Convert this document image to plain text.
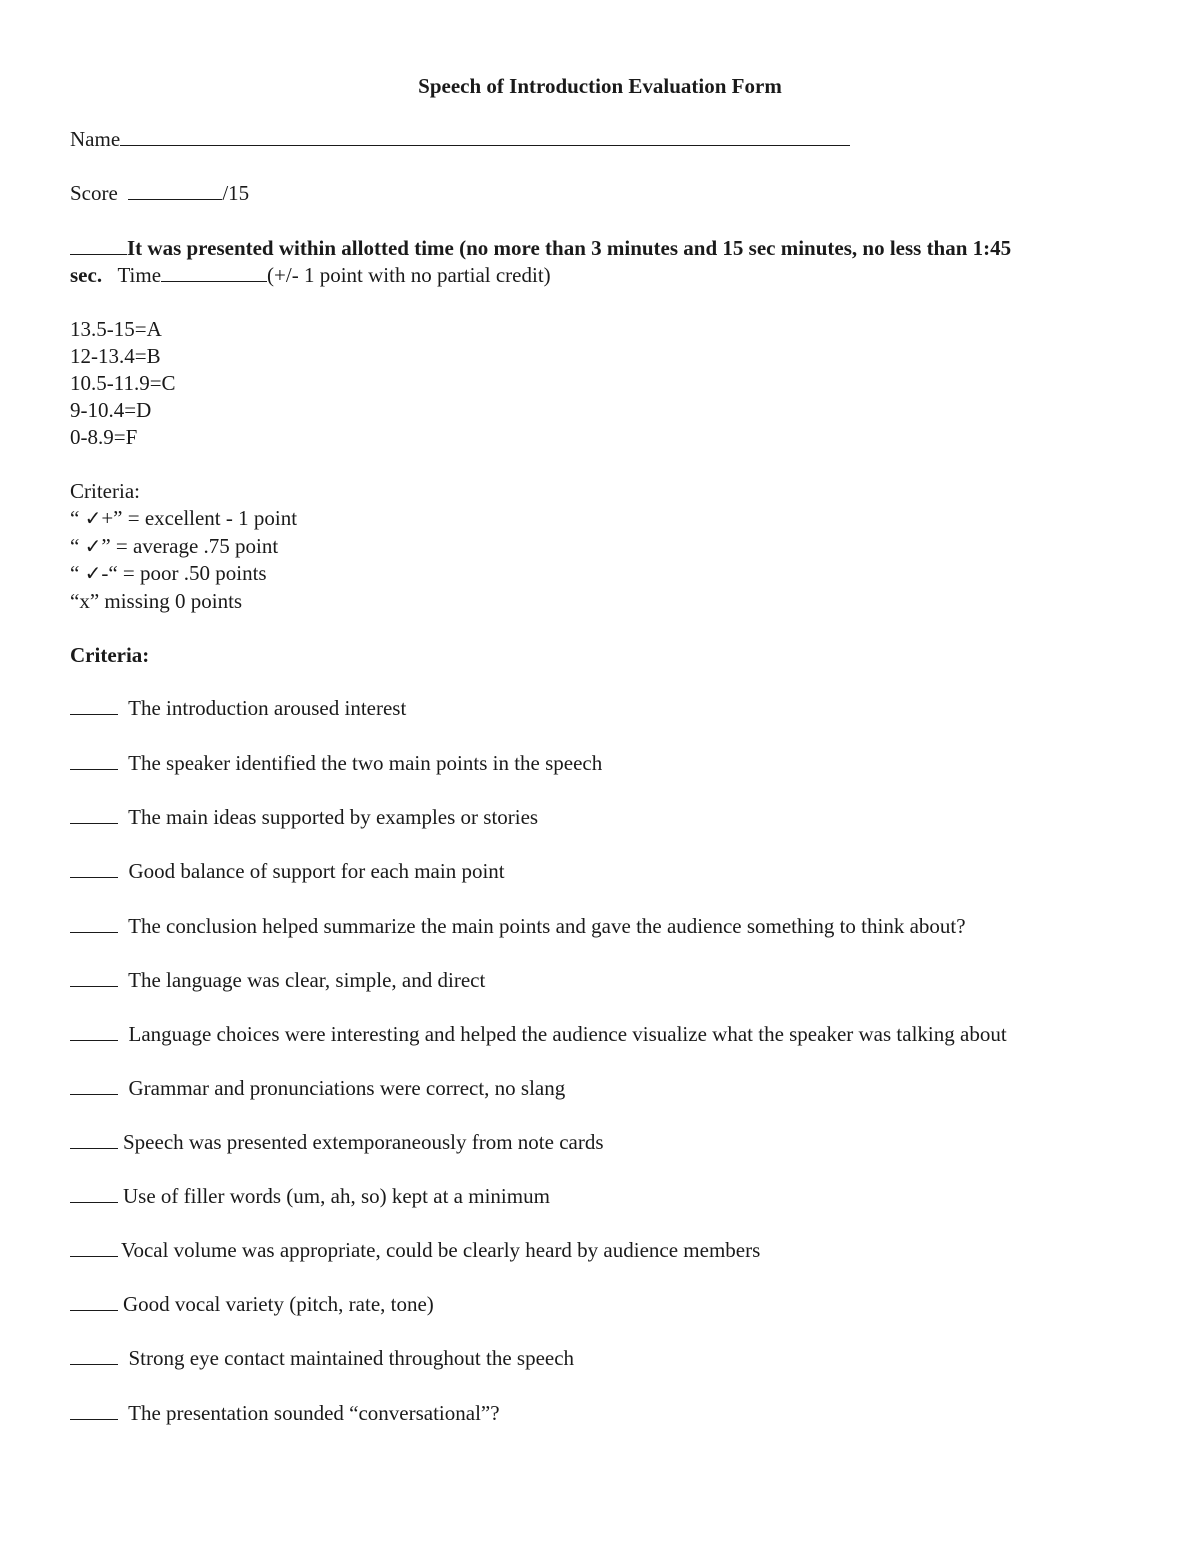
Speech of Introduction Evaluation Form
Name
Score	/15
It was presented within allotted time (no more than 3 minutes and 15 sec minutes, no less than 1:45
sec. Time	(+/- 1 point with no partial credit)
13.5-15=A
12-13.4=B
10.5-11.9=C
9-10.4=D
0-8.9=F
Criteria:
“ ✓+” = excellent - 1 point
“ ✓” = average .75 point
“ ✓-“ = poor .50 points
“x” missing 0 points
Criteria:
The introduction aroused interest
The speaker identified the two main points in the speech
The main ideas supported by examples or stories
Good balance of support for each main point
The conclusion helped summarize the main points and gave the audience something to think about?
The language was clear, simple, and direct
Language choices were interesting and helped the audience visualize what the speaker was talking about
Grammar and pronunciations were correct, no slang
Speech was presented extemporaneously from note cards
Use of filler words (um, ah, so) kept at a minimum
Vocal volume was appropriate, could be clearly heard by audience members
Good vocal variety (pitch, rate, tone)
Strong eye contact maintained throughout the speech
The presentation sounded “conversational”?
